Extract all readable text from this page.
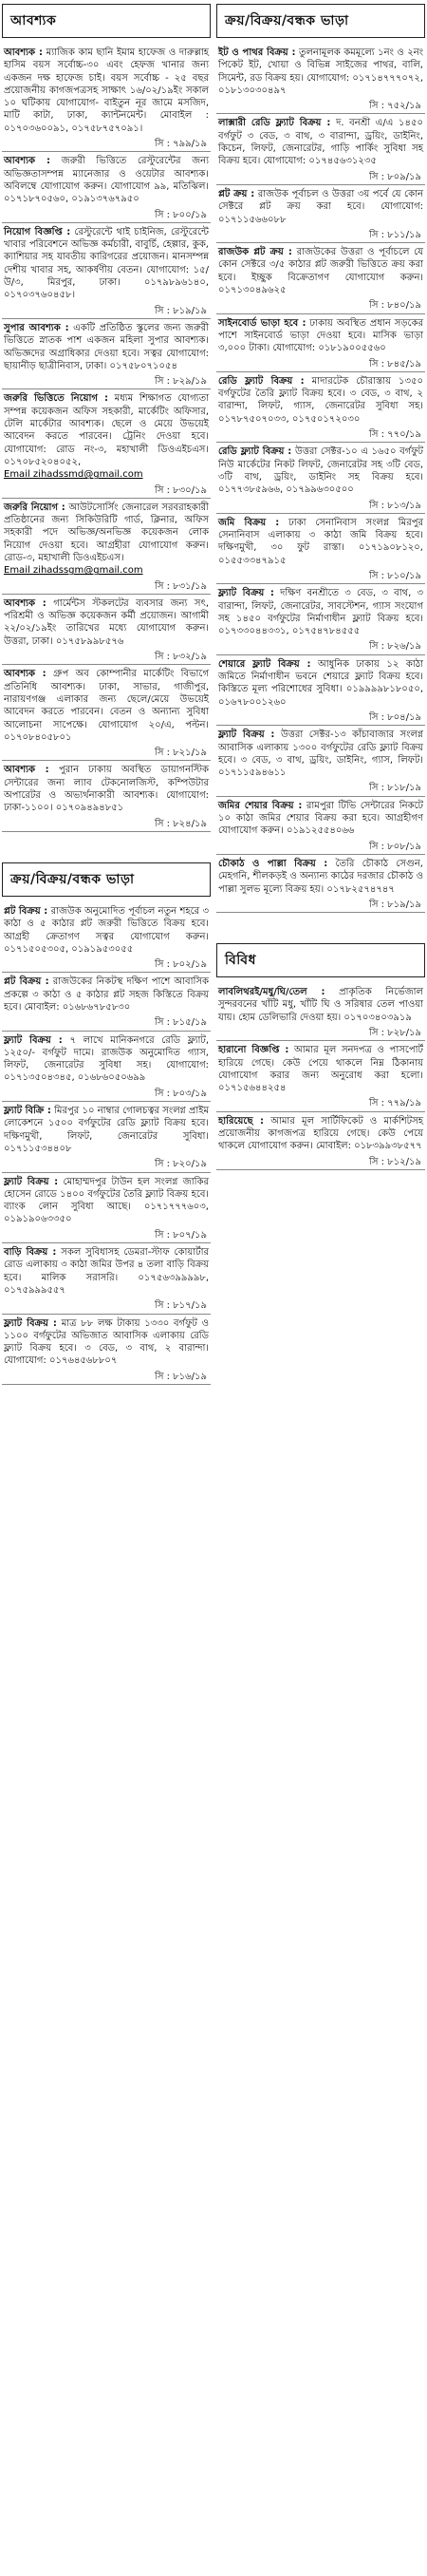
আবশ্যক
আবশ্যক : ম্যাজিক কাম ছানি ইমাম হাফেজ ও দারুল্লাহ হাসিম বয়স সর্বোচ্চ-৩০ এবং হেফজ খানার জন্য একজন দক্ষ হাফেজ চাই। বয়স সর্বোচ্চ - ২৫ বছর প্রয়োজনীয় কাগজপত্রসহ সাক্ষাৎ ১৬/০২/১৯ইং সকাল ১০ ঘটিকায় যোগাযোগ- বাইতুন নূর জামে মসজিদ, মাটি কাটা, ঢাকা, ক্যান্টনমেন্ট। মোবাইল : ০১৭০৩৬০০৯১, ০১৭৫৮৭৫৭০৯১।
সি : ৭৯৯/১৯
আবশ্যক : জরুরী ভিত্তিতে রেস্টুরেন্টের জন্য অভিজ্ঞতাসম্পন্ন ম্যানেজার ও ওয়েটার আবশ্যক। অবিলম্বে যোগাযোগ করুন। যোগাযোগ ৯৯, মতিঝিল। ০১৭১৮৭০৫৬০, ০১৯১৩৭৬৭৯৫০
সি : ৮০০/১৯
নিয়োগ বিজ্ঞপ্তি : রেস্টুরেন্টে থাই চাইনিজ, রেস্টুরেন্টে খাবার পরিবেশনে অভিজ্ঞ কর্মচারী, বাবুর্চি, হেল্পার, কুক, ক্যাশিয়ার সহ যাবতীয় কারিগরের প্রয়োজন। মানসম্পন্ন দেশীয় খাবার সহ, আকর্ষণীয় বেতন। যোগাযোগ: ১৫/উ/৩, মিরপুর, ঢাকা। ০১৭৯৮৯৬১৪০, ০১৭০৩৭৬০৪৫৮।
সি : ৮১৯/১৯
সুপার আবশ্যক : একটি প্রতিষ্ঠিত স্কুলের জন্য জরুরী ভিত্তিতে স্নাতক পাশ একজন মহিলা সুপার আবশ্যক। অভিজ্ঞদের অগ্রাধিকার দেওয়া হবে। সত্বর যোগাযোগ: ছায়ানীড় ছাত্রীনিবাস, ঢাকা। ০১৭৫৮০৭১০৫৪
সি : ৮২৯/১৯
জরুরি ভিত্তিতে নিয়োগ : মধ্যম শিক্ষাগত যোগ্যতা সম্পন্ন কয়েকজন অফিস সহকারী, মার্কেটিং অফিসার, টেলি মার্কেটার আবশ্যক। ছেলে ও মেয়ে উভয়েই আবেদন করতে পারবেন। ট্রেনিং দেওয়া হবে। যোগাযোগ: রোড নং-৩, মহাখালী ডিওএইচএস। ০১৭০৮৫২০৪০৫২,
Email zihadssmd@gmail.com
সি : ৮৩০/১৯
জরুরি নিয়োগ : আউটসোর্সিং জেনারেল সরবরাহকারী প্রতিষ্ঠানের জন্য সিকিউরিটি গার্ড, ক্লিনার, অফিস সহকারী পদে অভিজ্ঞ/অনভিজ্ঞ কয়েকজন লোক নিয়োগ দেওয়া হবে। আগ্রহীরা যোগাযোগ করুন। রোড-৩, মহাখালী ডিওএইচএস।
Email zihadssgm@gmail.com
সি : ৮৩১/১৯
আবশ্যক : গার্মেন্টস স্টকলটের ব্যবসার জন্য সৎ, পরিশ্রমী ও অভিজ্ঞ কয়েকজন কর্মী প্রয়োজন। আগামী ২২/০২/১৯ইং তারিখের মধ্যে যোগাযোগ করুন। উত্তরা, ঢাকা। ০১৭৫৮৯৯৮৫৭৬
সি : ৮৩২/১৯
আবশ্যক : গ্রুপ অব কোম্পানীর মার্কেটিং বিভাগে প্রতিনিধি আবশ্যক। ঢাকা, সাভার, গাজীপুর, নারায়ণগঞ্জ এলাকার জন্য ছেলে/মেয়ে উভয়েই আবেদন করতে পারবেন। বেতন ও অন্যান্য সুবিধা আলোচনা সাপেক্ষে। যোগাযোগ ২০/এ, পল্টন। ০১৭০৮৪০৫৮০১
সি : ৮২১/১৯
আবশ্যক : পুরান ঢাকায় অবস্থিত ডায়াগনস্টিক সেন্টারের জন্য ল্যাব টেকনোলজিস্ট, কম্পিউটার অপারেটর ও অভ্যর্থনাকারী আবশ্যক। যোগাযোগ: ঢাকা-১১০০। ০১৭০৯৪৯৪৮৫১
সি : ৮২৪/১৯
ক্রয়/বিক্রয়/বন্ধক ভাড়া
প্লট বিক্রয় : রাজউক অনুমোদিত পূর্বাচল নতুন শহরে ৩ কাঠা ও ৫ কাঠার প্লট জরুরী ভিত্তিতে বিক্রয় হবে। আগ্রহী ক্রেতাগণ সত্বর যোগাযোগ করুন। ০১৭১৫০৫৩০৫, ০১৯১৯৫৩০৫৫
সি : ৮০২/১৯
প্লট বিক্রয় : রাজউকের নিকটস্থ দক্ষিণ পাশে আবাসিক প্রকল্পে ৩ কাঠা ও ৫ কাঠার প্লট সহজ কিস্তিতে বিক্রয় হবে। মোবাইল: ০১৬৮৬৭৮৫৮৩০
সি : ৮১৫/১৯
ফ্ল্যাট বিক্রয় : ৭ লাখে মানিকনগরে রেডি ফ্ল্যাট, ১২৫০/- বর্গফুট দামে। রাজউক অনুমোদিত গ্যাস, লিফট, জেনারেটর সুবিধা সহ। যোগাযোগ: ০১৭১৩৫০৪৩৪৫, ০১৬৮৬০৫০৬৯৯
সি : ৮০৩/১৯
ফ্ল্যাট বিক্রি : মিরপুর ১০ নাম্বার গোলচত্বর সংলগ্ন প্রাইম লোকেশনে ১৫০০ বর্গফুটের রেডি ফ্ল্যাট বিক্রয় হবে। দক্ষিণমুখী, লিফট, জেনারেটর সুবিধা। ০১৭১১৫৩৪৪০৮
সি : ৮২০/১৯
ফ্ল্যাট বিক্রয় : মোহাম্মদপুর টাউন হল সংলগ্ন জাকির হোসেন রোডে ১৪০০ বর্গফুটের তৈরি ফ্ল্যাট বিক্রয় হবে। ব্যাংক লোন সুবিধা আছে। ০১৭১৭৭৭৬০৩, ০১৯১৯০৬৩৩৫০
সি : ৮০৭/১৯
বাড়ি বিক্রয় : সকল সুবিধাসহ ডেমরা-স্টাফ কোয়ার্টার রোড এলাকায় ৩ কাঠা জমির উপর ৪ তলা বাড়ি বিক্রয় হবে। মালিক সরাসরি। ০১৭৫৬৩৯৯৯৯৮, ০১৭৫৯৯৯৫৫৭
সি : ৮১৭/১৯
ফ্ল্যাট বিক্রয় : মাত্র ৮৮ লক্ষ টাকায় ১৩৩০ বর্গফুট ও ১১০০ বর্গফুটের অভিজাত আবাসিক এলাকায় রেডি ফ্ল্যাট বিক্রয় হবে। ৩ বেড, ৩ বাথ, ২ বারান্দা। যোগাযোগ: ০১৭৬৪৫৬৮৮০৭
সি : ৮১৬/১৯
ক্রয়/বিক্রয়/বন্ধক ভাড়া
ইট ও পাথর বিক্রয় : তুলনামূলক কমমূল্যে ১নং ও ২নং পিকেট ইট, খোয়া ও বিভিন্ন সাইজের পাথর, বালি, সিমেন্ট, রড বিক্রয় হয়। যোগাযোগ: ০১৭১৪৭৭৭০৭২, ০১৮১৩০৩০৪৯৭
সি : ৭৫২/১৯
লাক্সারী রেডি ফ্ল্যাট বিক্রয় : দ. বনশ্রী এ/এ ১৪৫০ বর্গফুট ৩ বেড, ৩ বাথ, ৩ বারান্দা, ড্রয়িং, ডাইনিং, কিচেন, লিফট, জেনারেটর, গাড়ি পার্কিং সুবিধা সহ বিক্রয় হবে। যোগাযোগ: ০১৭৪৫৬৩১২৩৫
সি : ৮০৯/১৯
প্লট ক্রয় : রাজউক পূর্বাচল ও উত্তরা ৩য় পর্বে যে কোন সেক্টরে প্লট ক্রয় করা হবে। যোগাযোগ: ০১৭১১৫৬৬০৮৮
সি : ৮১১/১৯
রাজউক প্লট ক্রয় : রাজউকের উত্তরা ও পূর্বাচলে যে কোন সেক্টরে ৩/৫ কাঠার প্লট জরুরী ভিত্তিতে ক্রয় করা হবে। ইচ্ছুক বিক্রেতাগণ যোগাযোগ করুন। ০১৭১৩০৪৯৬২৫
সি : ৮৪০/১৯
সাইনবোর্ড ভাড়া হবে : ঢাকায় অবস্থিত প্রধান সড়কের পাশে সাইনবোর্ড ভাড়া দেওয়া হবে। মাসিক ভাড়া ৩,০০০ টাকা। যোগাযোগ: ০১৮১৯০০৫৫৬০
সি : ৮৪৫/১৯
রেডি ফ্ল্যাট বিক্রয় : মাদারটেক চৌরাস্তায় ১৩৫০ বর্গফুটের তৈরি ফ্ল্যাট বিক্রয় হবে। ৩ বেড, ৩ বাথ, ২ বারান্দা, লিফট, গ্যাস, জেনারেটর সুবিধা সহ। ০১৭৮৭৫০৭০৩৩, ০১৭৫০১৭২০৩০
সি : ৭৭০/১৯
রেডি ফ্ল্যাট বিক্রয় : উত্তরা সেক্টর-১০ এ ১৬৫০ বর্গফুট নিউ মার্কেটের নিকট লিফট, জেনারেটর সহ ৩টি বেড, ৩টি বাথ, ড্রয়িং, ডাইনিং সহ বিক্রয় হবে। ০১৭৭৩৮৫৯৬৬, ০১৭৯৯৬৩০৫০০
সি : ৮১৩/১৯
জমি বিক্রয় : ঢাকা সেনানিবাস সংলগ্ন মিরপুর সেনানিবাস এলাকায় ৩ কাঠা জমি বিক্রয় হবে। দক্ষিণমুখী, ৩০ ফুট রাস্তা। ০১৭১৯০৮১২০, ০১৫৫৩৩৪৭৯১৫
সি : ৮১০/১৯
ফ্ল্যাট বিক্রয় : দক্ষিণ বনশ্রীতে ৩ বেড, ৩ বাথ, ৩ বারান্দা, লিফট, জেনারেটর, সাবস্টেশন, গ্যাস সংযোগ সহ ১৪৫০ বর্গফুটের নির্মাণাধীন ফ্ল্যাট বিক্রয় হবে। ০১৭৩৩০৪৪৩৩১, ০১৭৫৪৭৮৪৫৫৫
সি : ৮২৬/১৯
শেয়ারে ফ্ল্যাট বিক্রয় : আধুনিক ঢাকায় ১২ কাঠা জমিতে নির্মাণাধীন ভবনে শেয়ারে ফ্ল্যাট বিক্রয় হবে। কিস্তিতে মূল্য পরিশোধের সুবিধা। ০১৯৯৯৯৮১৮০৫০, ০১৬৭৮০০১২৬০
সি : ৮০৪/১৯
ফ্ল্যাট বিক্রয় : উত্তরা সেক্টর-১৩ কাঁচাবাজার সংলগ্ন আবাসিক এলাকায় ১৩০০ বর্গফুটের রেডি ফ্ল্যাট বিক্রয় হবে। ৩ বেড, ৩ বাথ, ড্রয়িং, ডাইনিং, গ্যাস, লিফট। ০১৭১১৫৯৪৬১১
সি : ৮১৮/১৯
জমির শেয়ার বিক্রয় : রামপুরা টিভি সেন্টারের নিকটে ১০ কাঠা জমির শেয়ার বিক্রয় করা হবে। আগ্রহীগণ যোগাযোগ করুন। ০১৯১২৫৫৪০৬৬
সি : ৮০৮/১৯
চৌকাঠ ও পাল্লা বিক্রয় : তৈরি চৌকাঠ সেগুন, মেহগনি, শীলকড়ই ও অন্যান্য কাঠের দরজার চৌকাঠ ও পাল্লা সুলভ মূল্যে বিক্রয় হয়। ০১৭৮২৫৭৪৭৪৭
সি : ৮১৯/১৯
বিবিধ
লাবলিথরই/মধু/ঘি/তেল : প্রাকৃতিক নির্ভেজাল সুন্দরবনের খাঁটি মধু, খাঁটি ঘি ও সরিষার তেল পাওয়া যায়। হোম ডেলিভারি দেওয়া হয়। ০১৭০৩৪০৩৯১৯
সি : ৮২৮/১৯
হারানো বিজ্ঞপ্তি : আমার মূল সনদপত্র ও পাসপোর্ট হারিয়ে গেছে। কেউ পেয়ে থাকলে নিম্ন ঠিকানায় যোগাযোগ করার জন্য অনুরোধ করা হলো। ০১৭১৫৬৪৪২৫৪
সি : ৭৭৯/১৯
হারিয়েছে : আমার মূল সার্টিফিকেট ও মার্কশিটসহ প্রয়োজনীয় কাগজপত্র হারিয়ে গেছে। কেউ পেয়ে থাকলে যোগাযোগ করুন। মোবাইল: ০১৮৩৯৯৩৮৫৭৭
সি : ৮১২/১৯
